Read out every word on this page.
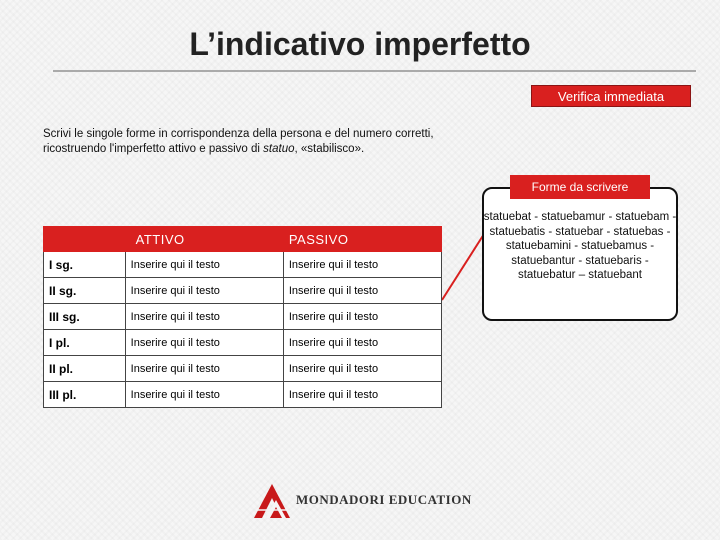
L’indicativo imperfetto
Verifica immediata
Scrivi le singole forme in corrispondenza della persona e del numero corretti, ricostruendo l'imperfetto attivo e passivo di statuo, «stabilisco».
Forme da scrivere
statuebat - statuebamur - statuebam - statuebatis - statuebar - statuebas - statuebamini - statuebamus - statuebantur - statuebaris - statuebatur – statuebant
	ATTIVO	PASSIVO
I sg.	Inserire qui il testo	Inserire qui il testo
II sg.	Inserire qui il testo	Inserire qui il testo
III sg.	Inserire qui il testo	Inserire qui il testo
I pl.	Inserire qui il testo	Inserire qui il testo
II pl.	Inserire qui il testo	Inserire qui il testo
III pl.	Inserire qui il testo	Inserire qui il testo
MONDADORI EDUCATION
